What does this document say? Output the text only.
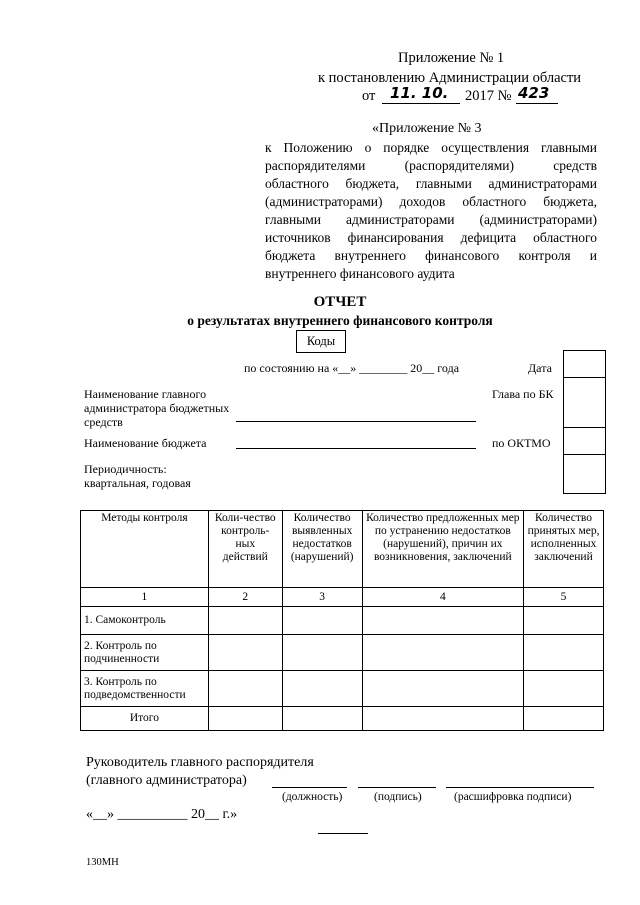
Приложение № 1
к постановлению Администрации области
от 11. 10. 2017 № 423
«Приложение № 3
к Положению о порядке осуществления главными
распорядителями (распорядителями) средств
областного бюджета, главными администраторами
(администраторами) доходов областного бюджета,
главными администраторами (администраторами)
источников финансирования дефицита областного
бюджета внутреннего финансового контроля и
внутреннего финансового аудита
ОТЧЕТ
о результатах внутреннего финансового контроля
Коды
по состоянию на «__» ________ 20__ года	Дата
Наименование главного администратора бюджетных средств
Глава по БК
Наименование бюджета	по ОКТМО
Периодичность:
квартальная, годовая
Методы контроля	Коли-чество контроль-ных действий	Количество выявленных недостатков (нарушений)	Количество предложенных мер по устранению недостатков (нарушений), причин их возникновения, заключений	Количество принятых мер, исполненных заключений
1	2	3	4	5
1. Самоконтроль				
2. Контроль по подчиненности				
3. Контроль по подведомственности				
Итого				
Руководитель главного распорядителя
(главного администратора)
(должность)	(подпись)	(расшифровка подписи)
«__» __________ 20__ г.»
130МН
